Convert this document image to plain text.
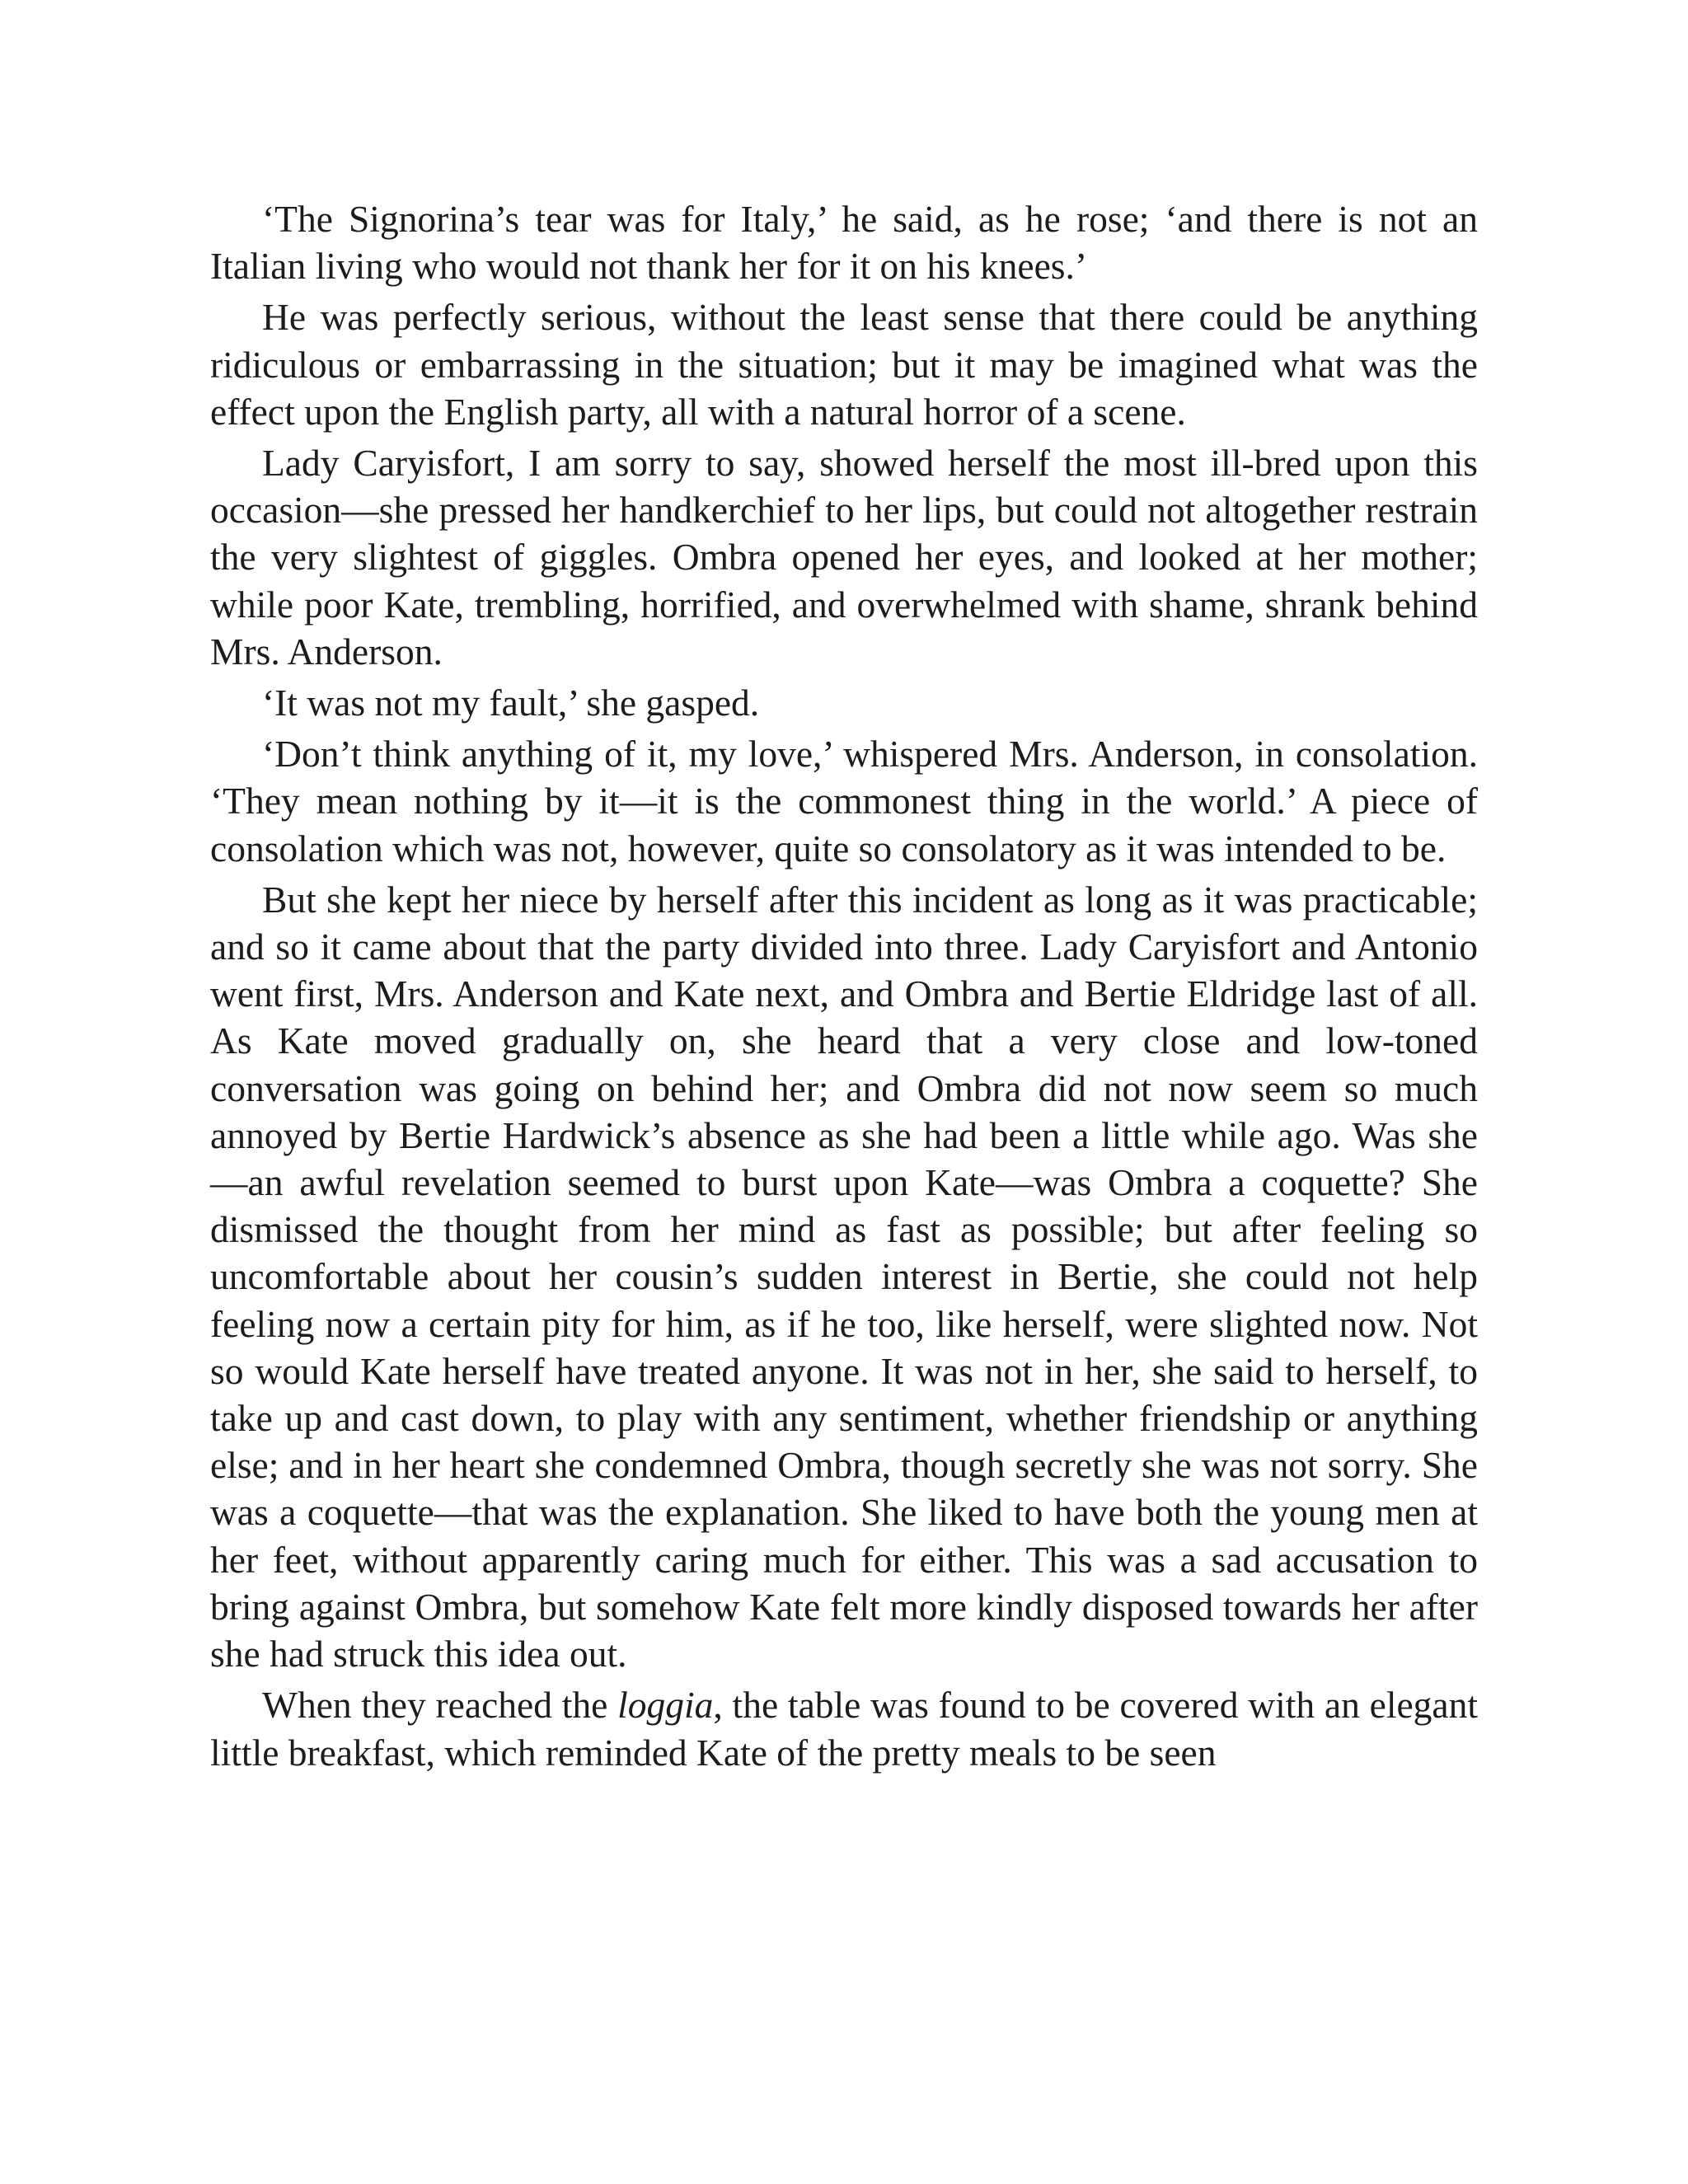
‘The Signorina’s tear was for Italy,’ he said, as he rose; ‘and there is not an Italian living who would not thank her for it on his knees.’

He was perfectly serious, without the least sense that there could be anything ridiculous or embarrassing in the situation; but it may be imagined what was the effect upon the English party, all with a natural horror of a scene.

Lady Caryisfort, I am sorry to say, showed herself the most ill-bred upon this occasion—she pressed her handkerchief to her lips, but could not altogether restrain the very slightest of giggles. Ombra opened her eyes, and looked at her mother; while poor Kate, trembling, horrified, and overwhelmed with shame, shrank behind Mrs. Anderson.

‘It was not my fault,’ she gasped.

‘Don’t think anything of it, my love,’ whispered Mrs. Anderson, in consolation. ‘They mean nothing by it—it is the commonest thing in the world.’ A piece of consolation which was not, however, quite so consolatory as it was intended to be.

But she kept her niece by herself after this incident as long as it was practicable; and so it came about that the party divided into three. Lady Caryisfort and Antonio went first, Mrs. Anderson and Kate next, and Ombra and Bertie Eldridge last of all. As Kate moved gradually on, she heard that a very close and low-toned conversation was going on behind her; and Ombra did not now seem so much annoyed by Bertie Hardwick’s absence as she had been a little while ago. Was she—an awful revelation seemed to burst upon Kate—was Ombra a coquette? She dismissed the thought from her mind as fast as possible; but after feeling so uncomfortable about her cousin’s sudden interest in Bertie, she could not help feeling now a certain pity for him, as if he too, like herself, were slighted now. Not so would Kate herself have treated anyone. It was not in her, she said to herself, to take up and cast down, to play with any sentiment, whether friendship or anything else; and in her heart she condemned Ombra, though secretly she was not sorry. She was a coquette—that was the explanation. She liked to have both the young men at her feet, without apparently caring much for either. This was a sad accusation to bring against Ombra, but somehow Kate felt more kindly disposed towards her after she had struck this idea out.

When they reached the loggia, the table was found to be covered with an elegant little breakfast, which reminded Kate of the pretty meals to be seen
